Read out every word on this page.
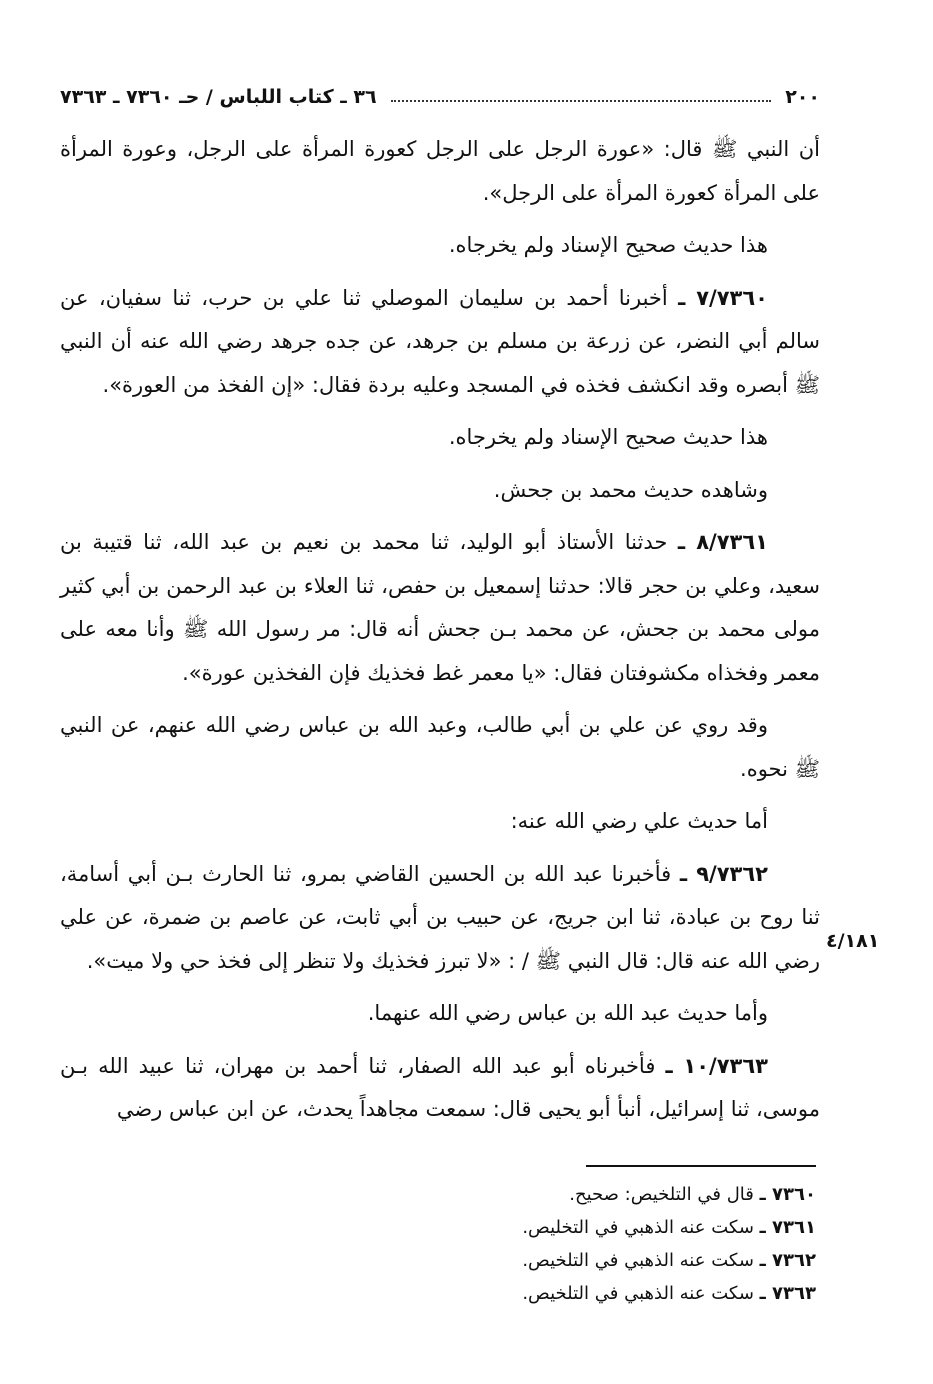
٢٠٠
٣٦ ـ كتاب اللباس / حـ ٧٣٦٠ ـ ٧٣٦٣

أن النبي ﷺ قال: «عورة الرجل على الرجل كعورة المرأة على الرجل، وعورة المرأة على المرأة كعورة المرأة على الرجل».

هذا حديث صحيح الإسناد ولم يخرجاه.

٧/٧٣٦٠ ـ أخبرنا أحمد بن سليمان الموصلي ثنا علي بن حرب، ثنا سفيان، عن سالم أبي النضر، عن زرعة بن مسلم بن جرهد، عن جده جرهد رضي الله عنه أن النبي ﷺ أبصره وقد انكشف فخذه في المسجد وعليه بردة فقال: «إن الفخذ من العورة».

هذا حديث صحيح الإسناد ولم يخرجاه.

وشاهده حديث محمد بن جحش.

٨/٧٣٦١ ـ حدثنا الأستاذ أبو الوليد، ثنا محمد بن نعيم بن عبد الله، ثنا قتيبة بن سعيد، وعلي بن حجر قالا: حدثنا إسمعيل بن حفص، ثنا العلاء بن عبد الرحمن بن أبي كثير مولى محمد بن جحش، عن محمد بـن جحش أنه قال: مر رسول الله ﷺ وأنا معه على معمر وفخذاه مكشوفتان فقال: «يا معمر غط فخذيك فإن الفخذين عورة».

وقد روي عن علي بن أبي طالب، وعبد الله بن عباس رضي الله عنهم، عن النبي ﷺ نحوه.

أما حديث علي رضي الله عنه:

٩/٧٣٦٢ ـ فأخبرنا عبد الله بن الحسين القاضي بمرو، ثنا الحارث بـن أبي أسامة، ثنا روح بن عبادة، ثنا ابن جريج، عن حبيب بن أبي ثابت، عن عاصم بن ضمرة، عن علي رضي الله عنه قال: قال النبي ﷺ / : «لا تبرز فخذيك ولا تنظر إلى فخذ حي ولا ميت».

وأما حديث عبد الله بن عباس رضي الله عنهما.

١٠/٧٣٦٣ ـ فأخبرناه أبو عبد الله الصفار، ثنا أحمد بن مهران، ثنا عبيد الله بـن موسى، ثنا إسرائيل، أنبأ أبو يحيى قال: سمعت مجاهداً يحدث، عن ابن عباس رضي

٤/١٨١
٧٣٦٠ ـ قال في التلخيص: صحيح.
٧٣٦١ ـ سكت عنه الذهبي في التخليص.
٧٣٦٢ ـ سكت عنه الذهبي في التلخيص.
٧٣٦٣ ـ سكت عنه الذهبي في التلخيص.
